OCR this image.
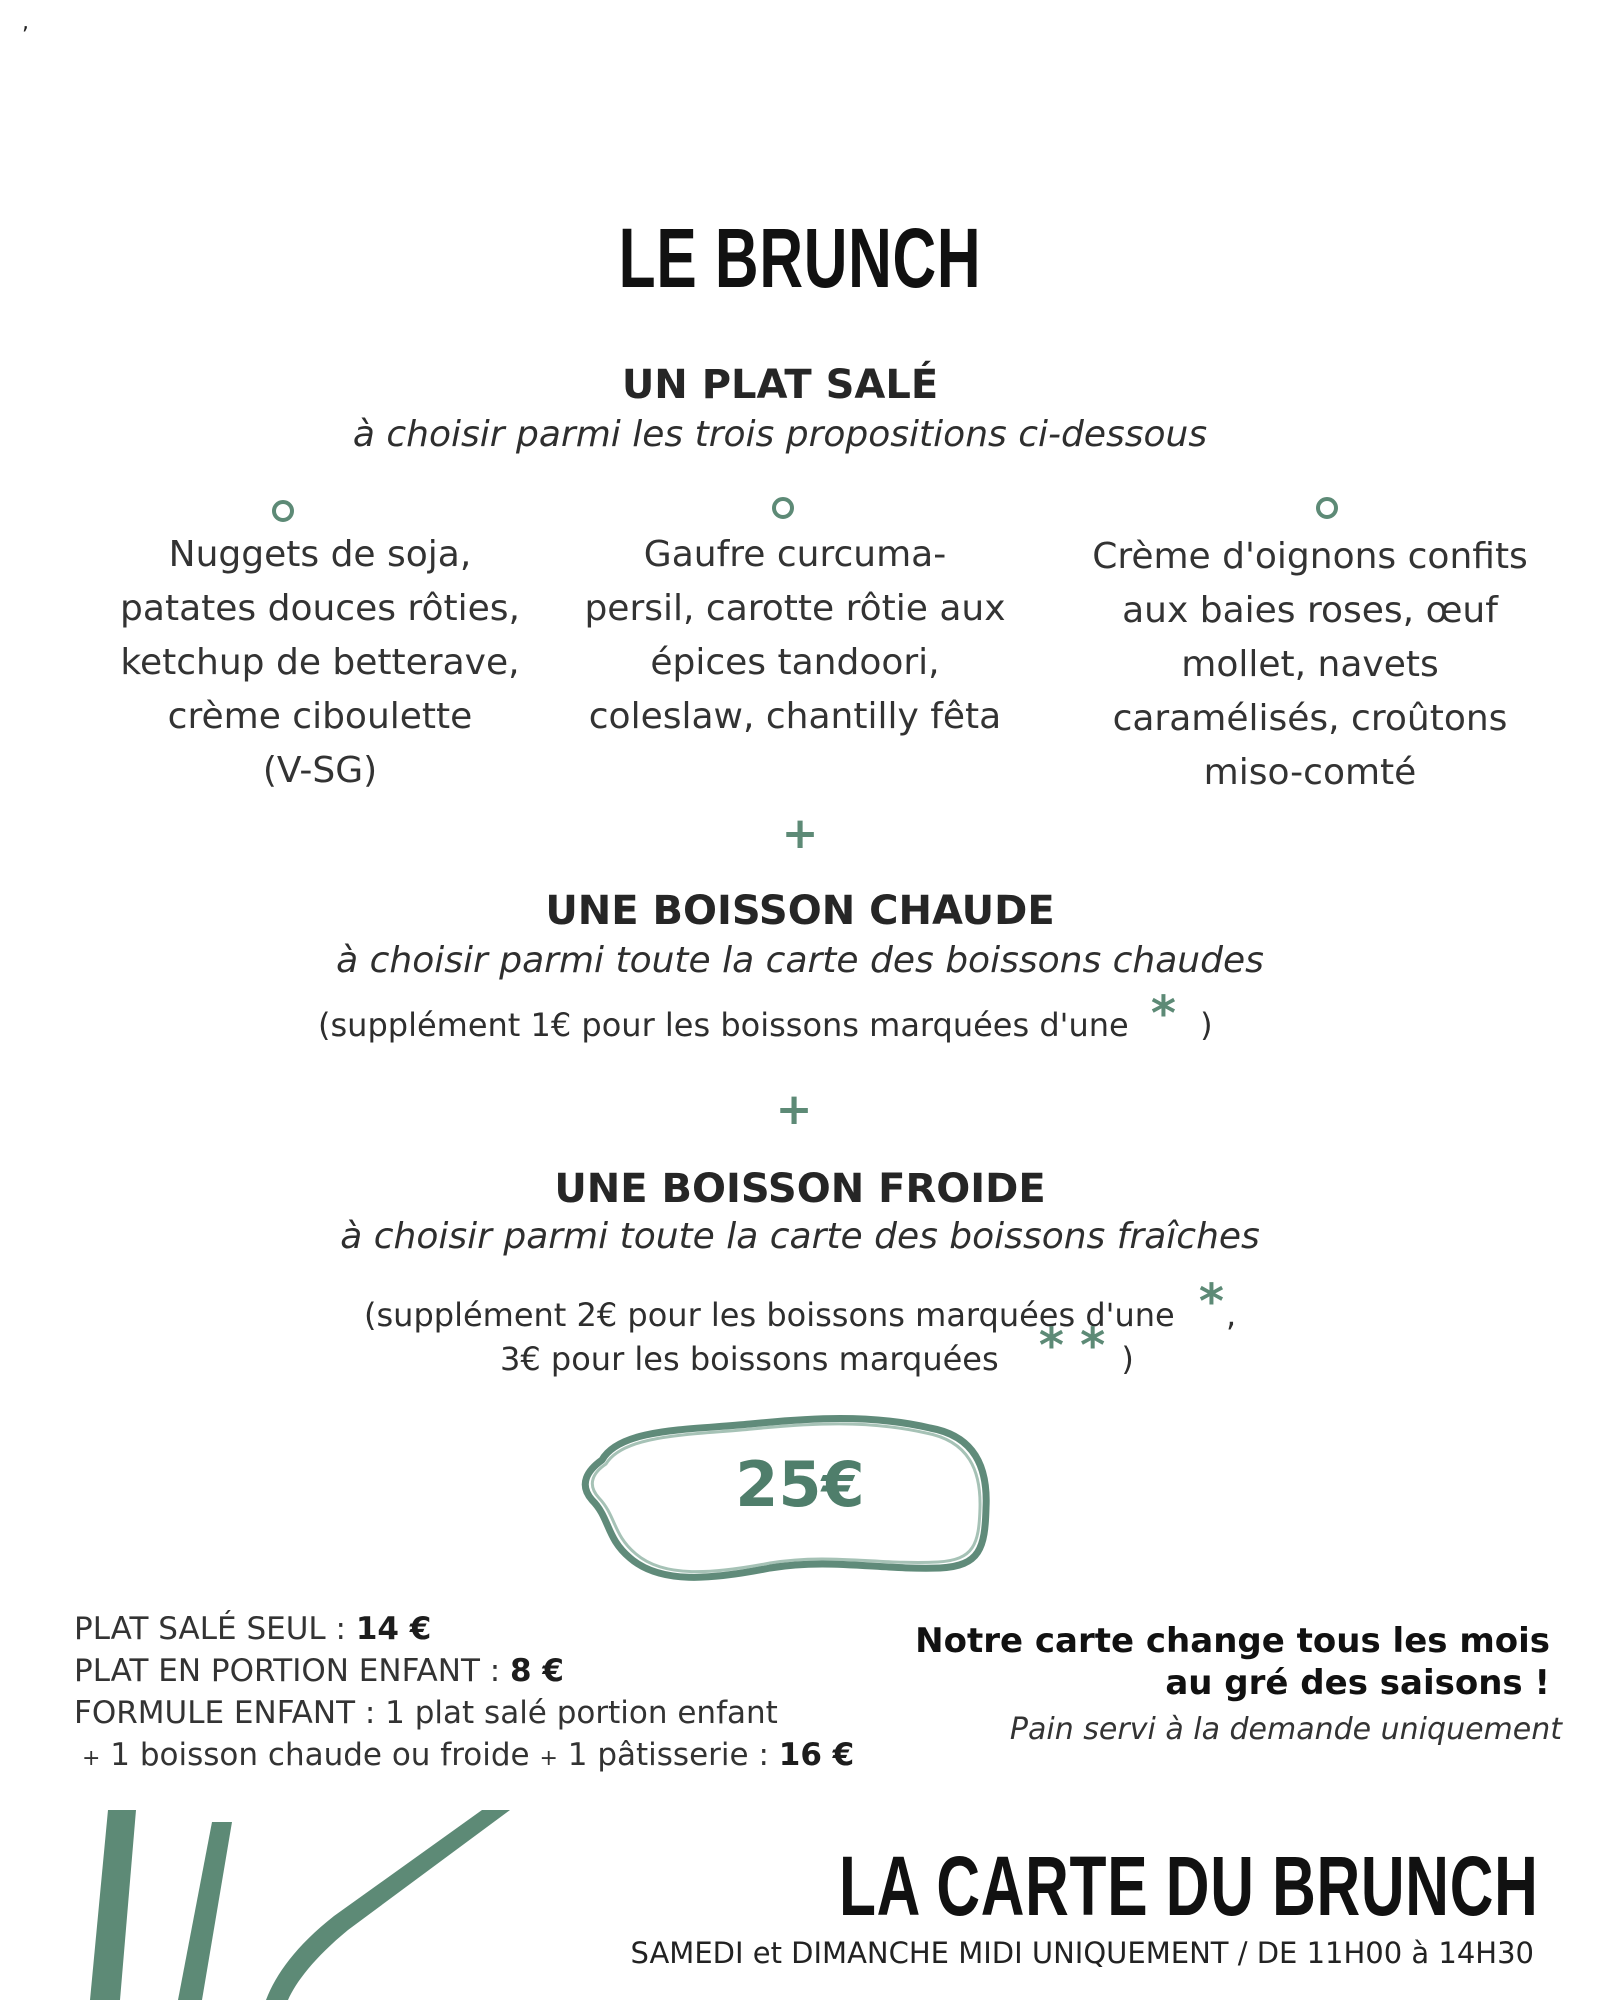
,
LE BRUNCH
UN PLAT SALÉ
à choisir parmi les trois propositions ci-dessous
Nuggets de soja,
patates douces rôties,
ketchup de betterave,
crème ciboulette
(V-SG)
Gaufre curcuma-
persil, carotte rôtie aux
épices tandoori,
coleslaw, chantilly fêta
Crème d'oignons confits
aux baies roses, œuf
mollet, navets
caramélisés, croûtons
miso-comté
+
UNE BOISSON CHAUDE
à choisir parmi toute la carte des boissons chaudes
(supplément 1€ pour les boissons marquées d'une * )
+
UNE BOISSON FROIDE
à choisir parmi toute la carte des boissons fraîches
(supplément 2€ pour les boissons marquées d'une *,
3€ pour les boissons marquées * * )
25€
PLAT SALÉ SEUL : 14 €
PLAT EN PORTION ENFANT : 8 €
FORMULE ENFANT : 1 plat salé portion enfant
+ 1 boisson chaude ou froide + 1 pâtisserie : 16 €
Notre carte change tous les mois
au gré des saisons !
Pain servi à la demande uniquement
LA CARTE DU BRUNCH
SAMEDI et DIMANCHE MIDI UNIQUEMENT / DE 11H00 à 14H30
